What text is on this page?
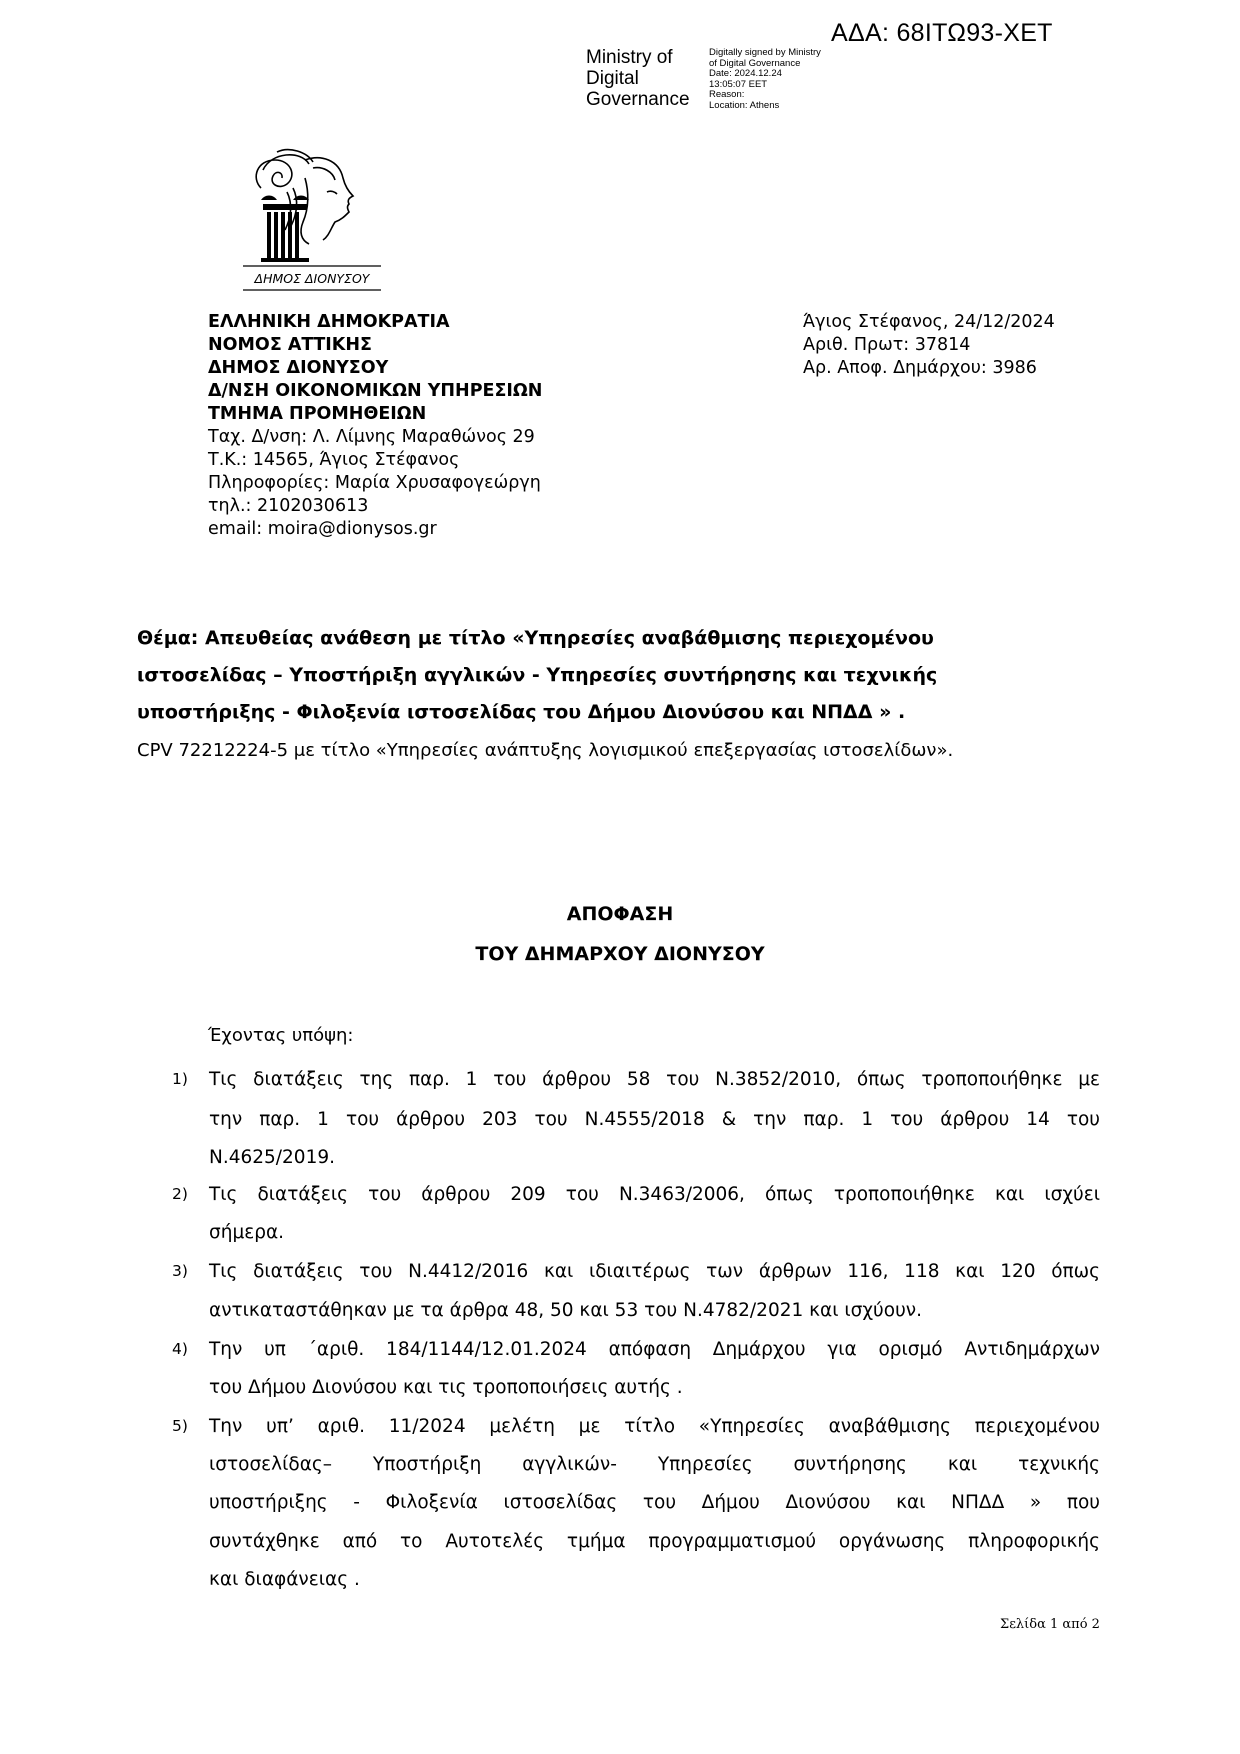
ΑΔΑ: 68ΙΤΩ93-ΧΕΤ
Ministry of
Digital
Governance
Digitally signed by Ministry
of Digital Governance
Date: 2024.12.24
13:05:07 EET
Reason:
Location: Athens
ΔΗΜΟΣ ΔΙΟΝΥΣΟΥ
ΕΛΛΗΝΙΚΗ ΔΗΜΟΚΡΑΤΙΑ
ΝΟΜΟΣ ΑΤΤΙΚΗΣ
ΔΗΜΟΣ ΔΙΟΝΥΣΟΥ
Δ/ΝΣΗ ΟΙΚΟΝΟΜΙΚΩΝ ΥΠΗΡΕΣΙΩΝ
ΤΜΗΜΑ ΠΡΟΜΗΘΕΙΩΝ
Ταχ. Δ/νση: Λ. Λίμνης Μαραθώνος 29
Τ.Κ.: 14565, Άγιος Στέφανος
Πληροφορίες: Μαρία Χρυσαφογεώργη
τηλ.: 2102030613
email: moira@dionysos.gr
Άγιος Στέφανος, 24/12/2024
Αριθ. Πρωτ: 37814
Αρ. Αποφ. Δημάρχου: 3986
Θέμα: Απευθείας ανάθεση με τίτλο «Υπηρεσίες αναβάθμισης περιεχομένου
ιστοσελίδας – Υποστήριξη αγγλικών - Υπηρεσίες συντήρησης και τεχνικής
υποστήριξης - Φιλοξενία ιστοσελίδας του Δήμου Διονύσου και ΝΠΔΔ » .
CPV 72212224-5 με τίτλο «Υπηρεσίες ανάπτυξης λογισμικού επεξεργασίας ιστοσελίδων».
ΑΠΟΦΑΣΗ
ΤΟΥ ΔΗΜΑΡΧΟΥ ΔΙΟΝΥΣΟΥ
Έχοντας υπόψη:
1) Τις διατάξεις της παρ. 1 του άρθρου 58 του Ν.3852/2010, όπως τροποποιήθηκε με
την παρ. 1 του άρθρου 203 του Ν.4555/2018 & την παρ. 1 του άρθρου 14 του
Ν.4625/2019.
2) Τις διατάξεις του άρθρου 209 του Ν.3463/2006, όπως τροποποιήθηκε και ισχύει
σήμερα.
3) Τις διατάξεις του Ν.4412/2016 και ιδιαιτέρως των άρθρων 116, 118 και 120 όπως
αντικαταστάθηκαν με τα άρθρα 48, 50 και 53 του Ν.4782/2021 και ισχύουν.
4) Την υπ ΄αριθ. 184/1144/12.01.2024 απόφαση Δημάρχου για ορισμό Αντιδημάρχων
του Δήμου Διονύσου και τις τροποποιήσεις αυτής .
5) Την υπ’ αριθ. 11/2024 μελέτη με τίτλο «Υπηρεσίες αναβάθμισης περιεχομένου
ιστοσελίδας– Υποστήριξη αγγλικών- Υπηρεσίες συντήρησης και τεχνικής
υποστήριξης - Φιλοξενία ιστοσελίδας του Δήμου Διονύσου και ΝΠΔΔ » που
συντάχθηκε από το Αυτοτελές τμήμα προγραμματισμού οργάνωσης πληροφορικής
και διαφάνειας .
Σελίδα 1 από 2
